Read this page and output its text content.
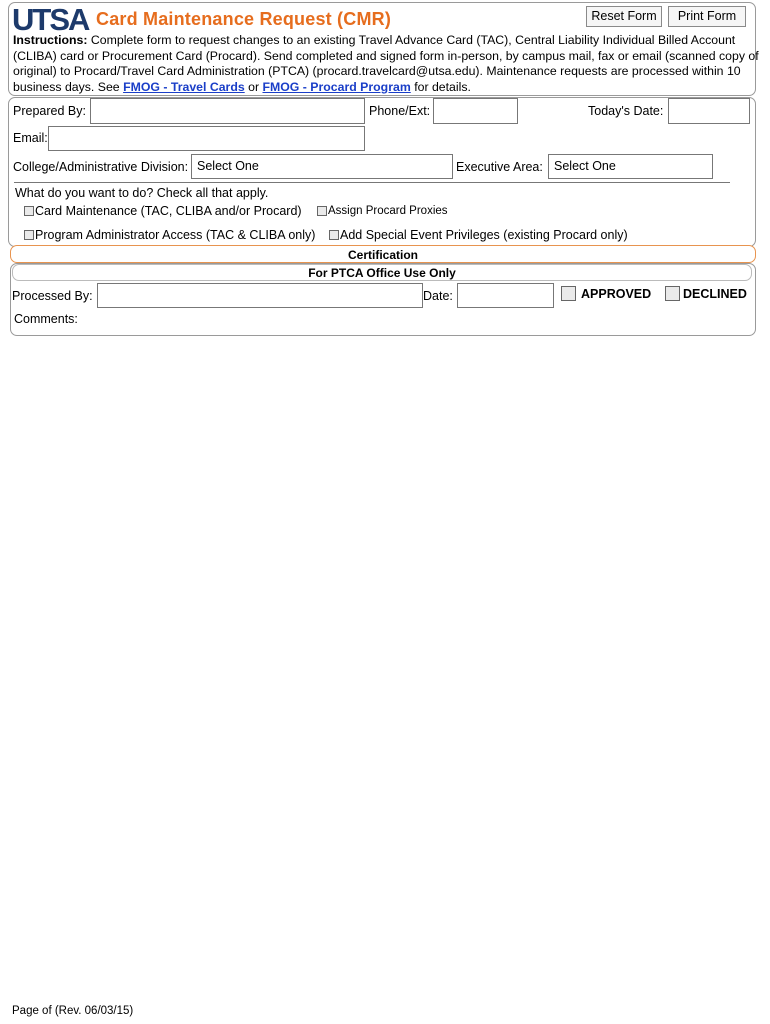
UTSA Card Maintenance Request (CMR)	Reset Form	Print Form
Instructions: Complete form to request changes to an existing Travel Advance Card (TAC), Central Liability Individual Billed Account (CLIBA) card or Procurement Card (Procard). Send completed and signed form in-person, by campus mail, fax or email (scanned copy of original) to Procard/Travel Card Administration (PTCA) (procard.travelcard@utsa.edu). Maintenance requests are processed within 10 business days. See FMOG - Travel Cards or FMOG - Procard Program for details.
Prepared By:	Phone/Ext:	Today's Date:
Email:
College/Administrative Division: Select One	Executive Area: Select One
What do you want to do? Check all that apply.
Card Maintenance (TAC, CLIBA and/or Procard) Assign Procard Proxies
Program Administrator Access (TAC & CLIBA only) Add Special Event Privileges (existing Procard only)
Certification
For PTCA Office Use Only
Processed By:	Date:	APPROVED	DECLINED
Comments:
Page of (Rev. 06/03/15)
